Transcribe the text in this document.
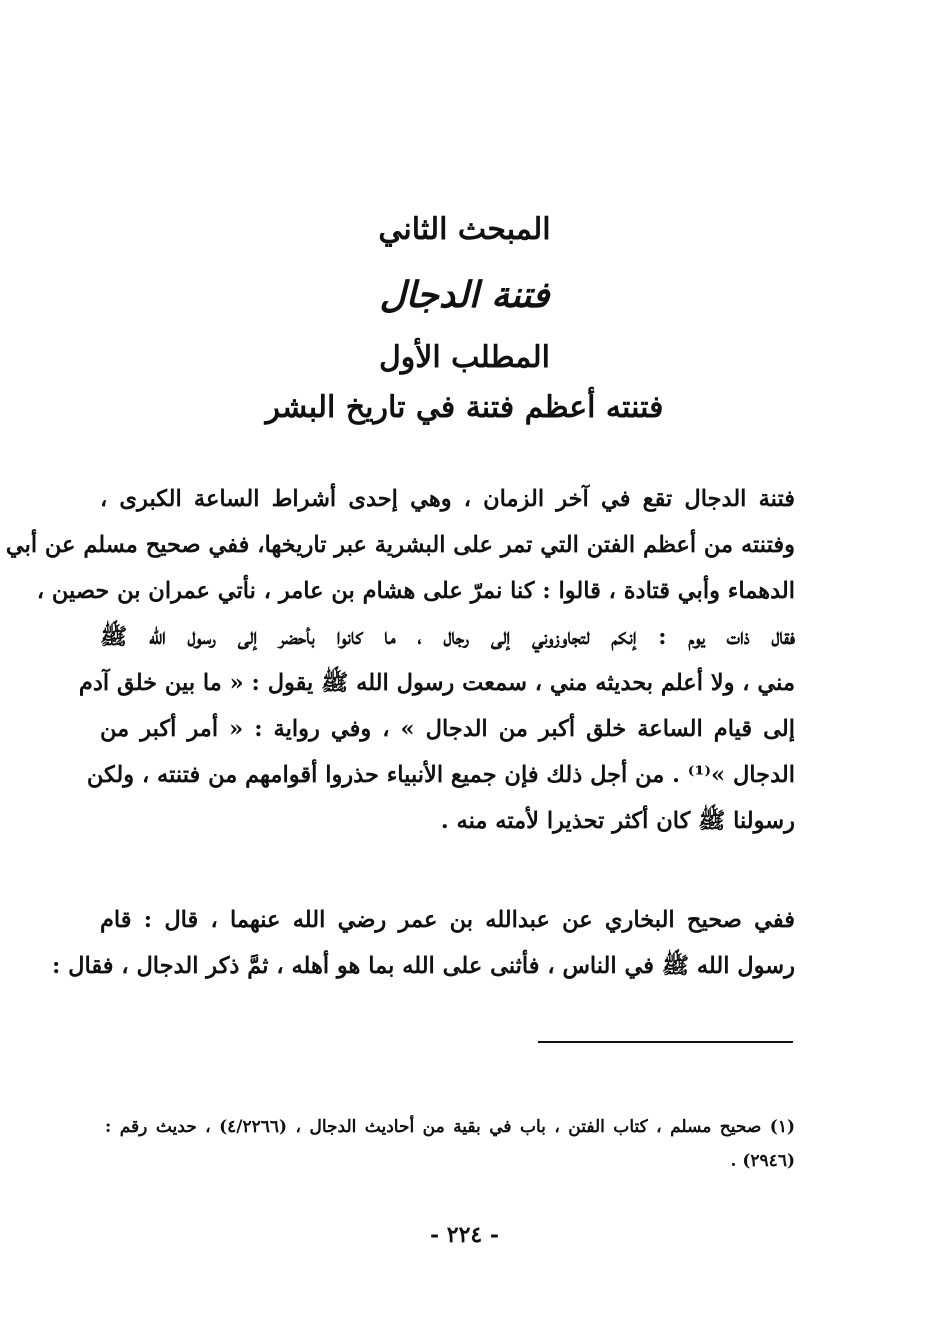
المبحث الثاني
فتنة الدجال
المطلب الأول
فتنته أعظم فتنة في تاريخ البشر

فتنة الدجال تقع في آخر الزمان ، وهي إحدى أشراط الساعة الكبرى ،
وفتنته من أعظم الفتن التي تمر على البشرية عبر تاريخها، ففي صحيح مسلم عن أبي
الدهماء وأبي قتادة ، قالوا : كنا نمرّ على هشام بن عامر ، نأتي عمران بن حصين ،
فقال ذات يوم : إنكم لتجاوزوني إلى رجال ، ما كانوا بأحضر إلى رسول الله ﷺ
مني ، ولا أعلم بحديثه مني ، سمعت رسول الله ﷺ يقول : « ما بين خلق آدم
إلى قيام الساعة خلق أكبر من الدجال » ، وفي رواية : « أمر أكبر من
الدجال »⁽¹⁾ . من أجل ذلك فإن جميع الأنبياء حذروا أقوامهم من فتنته ، ولكن
رسولنا ﷺ كان أكثر تحذيرا لأمته منه .

ففي صحيح البخاري عن عبدالله بن عمر رضي الله عنهما ، قال : قام
رسول الله ﷺ في الناس ، فأثنى على الله بما هو أهله ، ثمَّ ذكر الدجال ، فقال :

(١) صحيح مسلم ، كتاب الفتن ، باب في بقية من أحاديث الدجال ، (٤/٢٢٦٦) ، حديث رقم :
(٢٩٤٦) .

- ٢٢٤ -
